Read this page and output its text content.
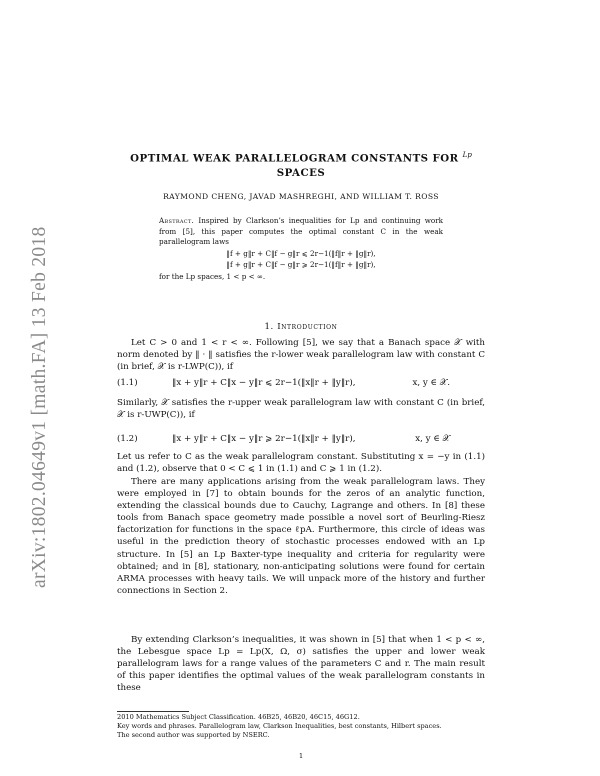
arXiv:1802.04649v1 [math.FA] 13 Feb 2018
OPTIMAL WEAK PARALLELOGRAM CONSTANTS FOR $^{Lp}$
SPACES
RAYMOND CHENG, JAVAD MASHREGHI, AND WILLIAM T. ROSS
Abstract. Inspired by Clarkson’s inequalities for Lp and continuing work from [5], this paper computes the optimal constant C in the weak parallelogram laws
‖f + g‖r + C‖f − g‖r ⩽ 2r−1(‖f‖r + ‖g‖r),
‖f + g‖r + C‖f − g‖r ⩾ 2r−1(‖f‖r + ‖g‖r),
for the Lp spaces, 1 < p < ∞.
1. Introduction
Let C > 0 and 1 < r < ∞. Following [5], we say that a Banach space 𝒳 with norm denoted by ‖ · ‖ satisfies the r-lower weak parallelogram law with constant C (in brief, 𝒳 is r-LWP(C)), if
(1.1)	‖x + y‖r + C‖x − y‖r ⩽ 2r−1(‖x‖r + ‖y‖r),	x, y ∈ 𝒳.
Similarly, 𝒳 satisfies the r-upper weak parallelogram law with constant C (in brief, 𝒳 is r-UWP(C)), if
(1.2)	‖x + y‖r + C‖x − y‖r ⩾ 2r−1(‖x‖r + ‖y‖r),	x, y ∈ 𝒳
Let us refer to C as the weak parallelogram constant. Substituting x = −y in (1.1) and (1.2), observe that 0 < C ⩽ 1 in (1.1) and C ⩾ 1 in (1.2).
There are many applications arising from the weak parallelogram laws. They were employed in [7] to obtain bounds for the zeros of an analytic function, extending the classical bounds due to Cauchy, Lagrange and others. In [8] these tools from Banach space geometry made possible a novel sort of Beurling-Riesz factorization for functions in the space ℓpA. Furthermore, this circle of ideas was useful in the prediction theory of stochastic processes endowed with an Lp structure. In [5] an Lp Baxter-type inequality and criteria for regularity were obtained; and in [8], stationary, non-anticipating solutions were found for certain ARMA processes with heavy tails. We will unpack more of the history and further connections in Section 2.
By extending Clarkson’s inequalities, it was shown in [5] that when 1 < p < ∞, the Lebesgue space Lp = Lp(X, Ω, σ) satisfies the upper and lower weak parallelogram laws for a range values of the parameters C and r. The main result of this paper identifies the optimal values of the weak parallelogram constants in these
2010 Mathematics Subject Classification. 46B25, 46B20, 46C15, 46G12.
Key words and phrases. Parallelogram law, Clarkson Inequalities, best constants, Hilbert spaces.
The second author was supported by NSERC.
1
